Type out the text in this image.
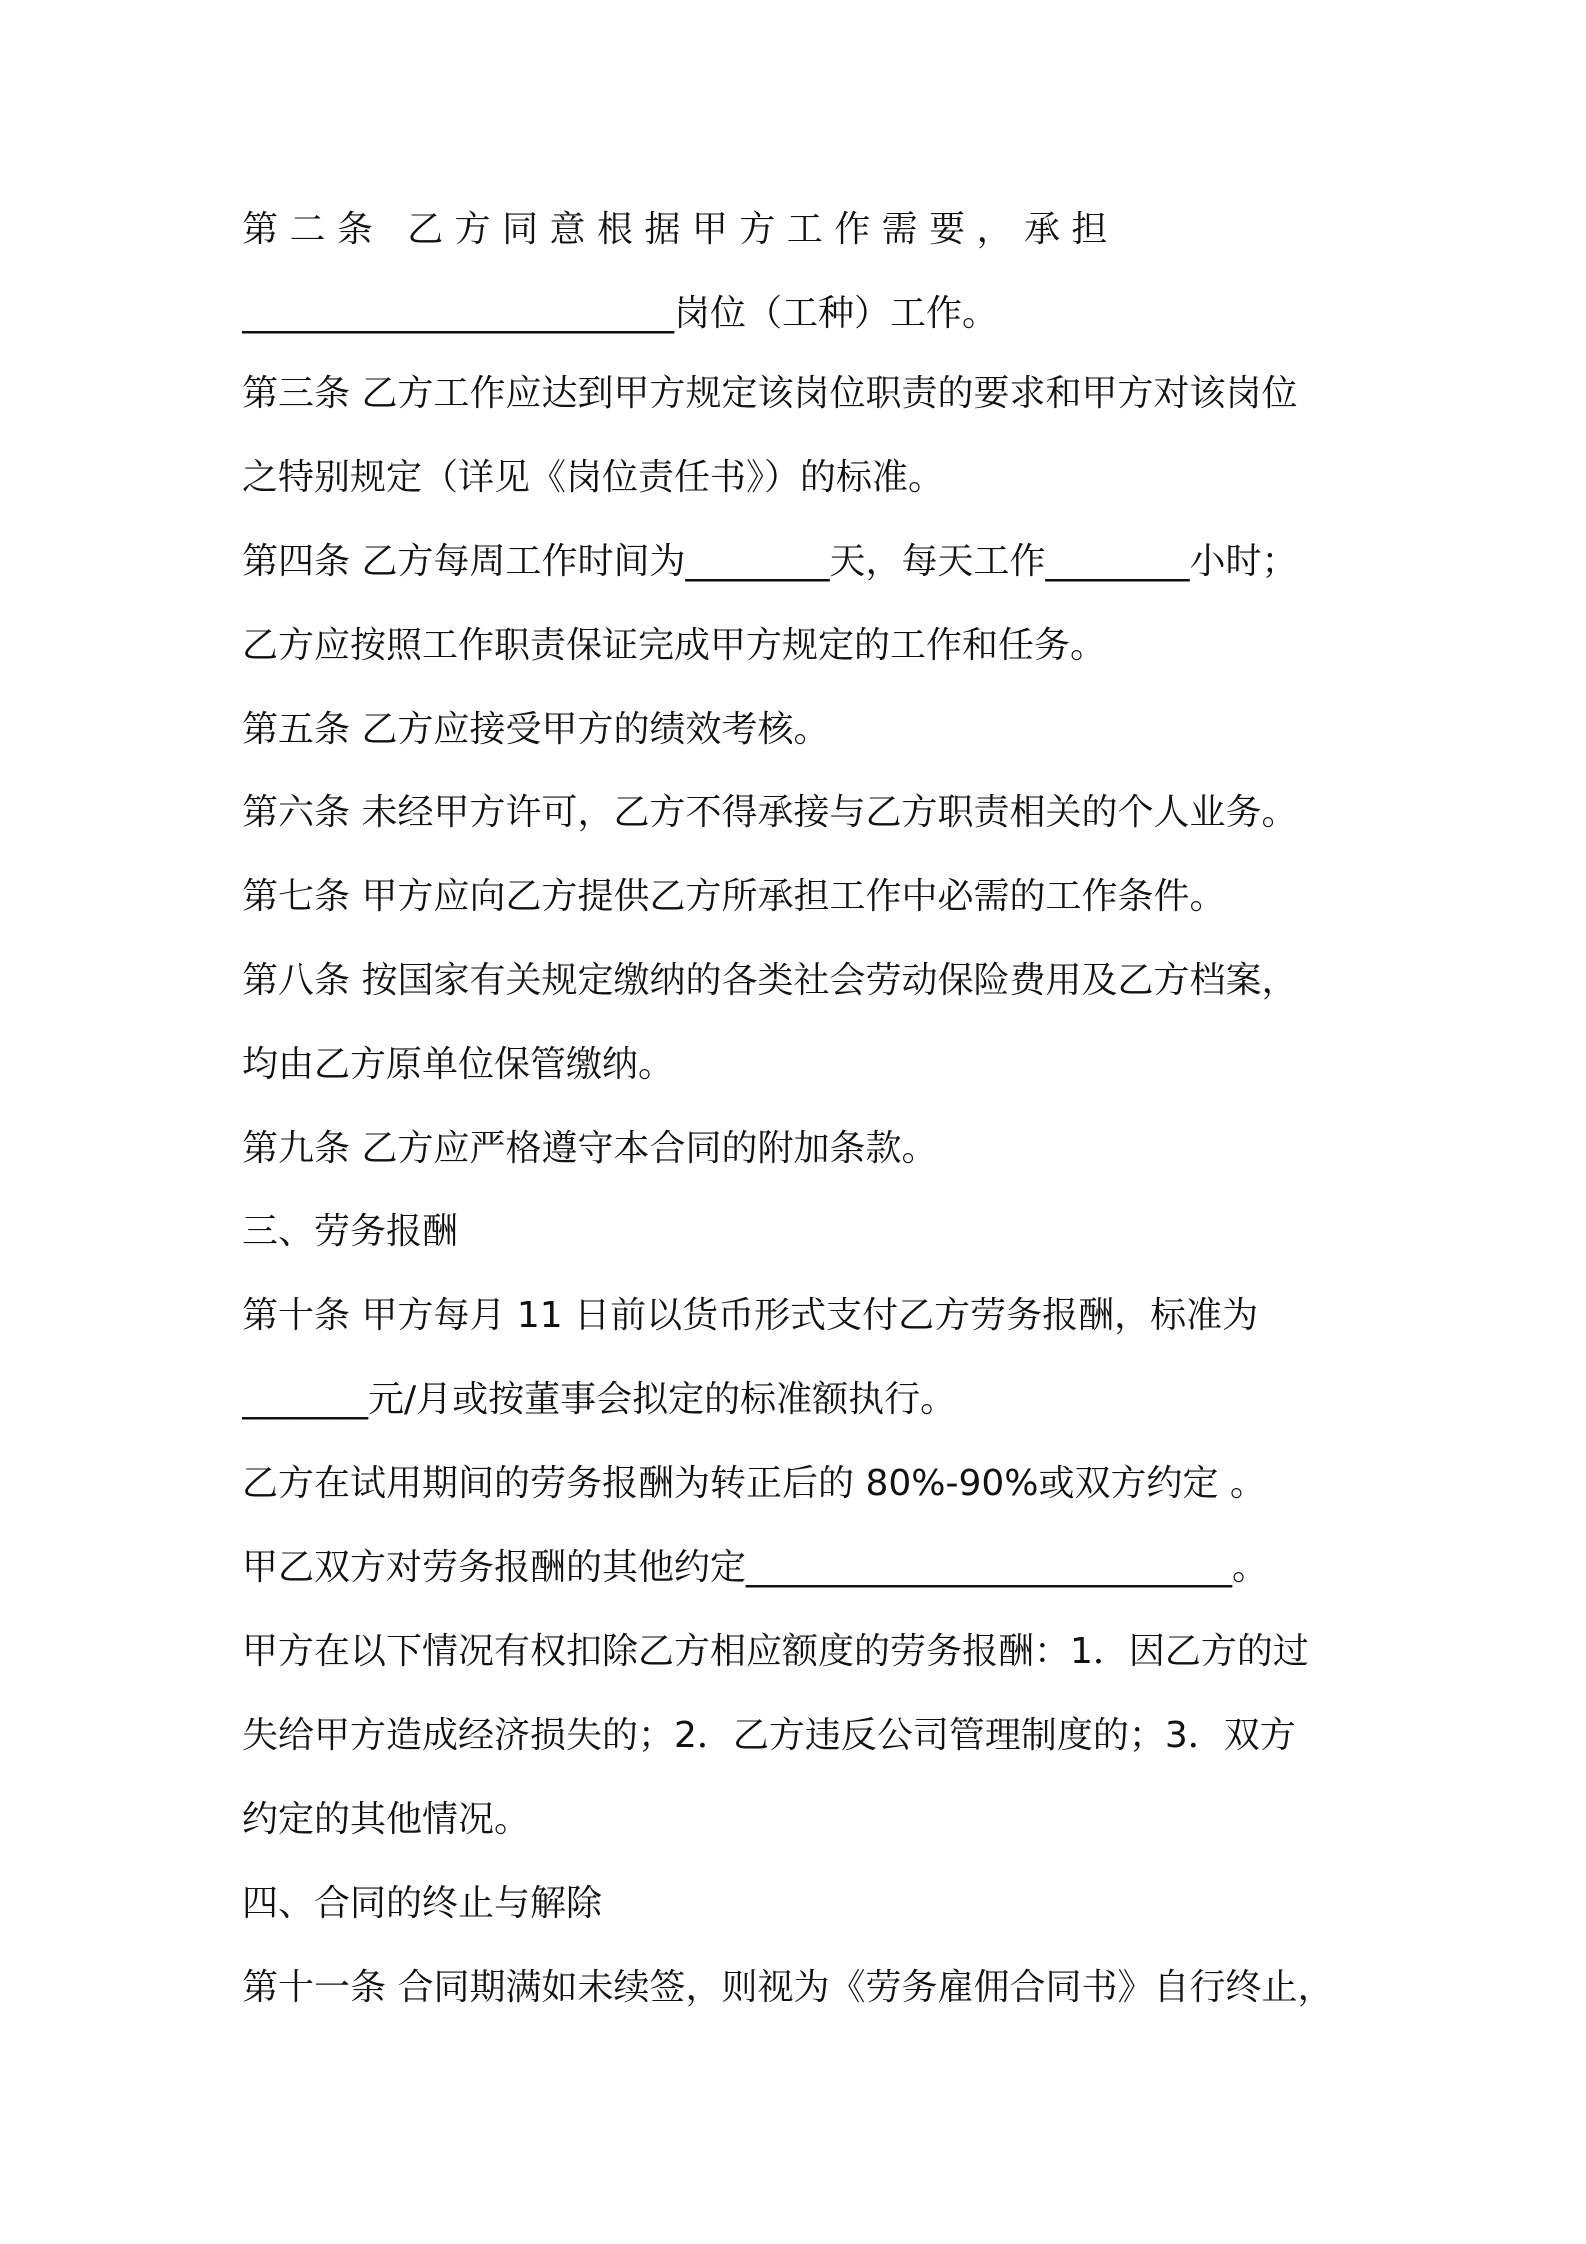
第 二 条   乙 方 同 意 根 据 甲 方 工 作 需 要 ， 承 担
________________________岗位（工种）工作。
第三条 乙方工作应达到甲方规定该岗位职责的要求和甲方对该岗位
之特别规定（详见《岗位责任书》）的标准。
第四条 乙方每周工作时间为________天，每天工作________小时；
乙方应按照工作职责保证完成甲方规定的工作和任务。
第五条 乙方应接受甲方的绩效考核。
第六条 未经甲方许可，乙方不得承接与乙方职责相关的个人业务。
第七条 甲方应向乙方提供乙方所承担工作中必需的工作条件。
第八条 按国家有关规定缴纳的各类社会劳动保险费用及乙方档案，
均由乙方原单位保管缴纳。
第九条 乙方应严格遵守本合同的附加条款。
三、劳务报酬
第十条 甲方每月 11 日前以货币形式支付乙方劳务报酬，标准为
_______元/月或按董事会拟定的标准额执行。
乙方在试用期间的劳务报酬为转正后的 80%-90%或双方约定 。
甲乙双方对劳务报酬的其他约定___________________________。
甲方在以下情况有权扣除乙方相应额度的劳务报酬：1．因乙方的过
失给甲方造成经济损失的；2．乙方违反公司管理制度的；3．双方
约定的其他情况。
四、合同的终止与解除
第十一条 合同期满如未续签，则视为《劳务雇佣合同书》自行终止，
